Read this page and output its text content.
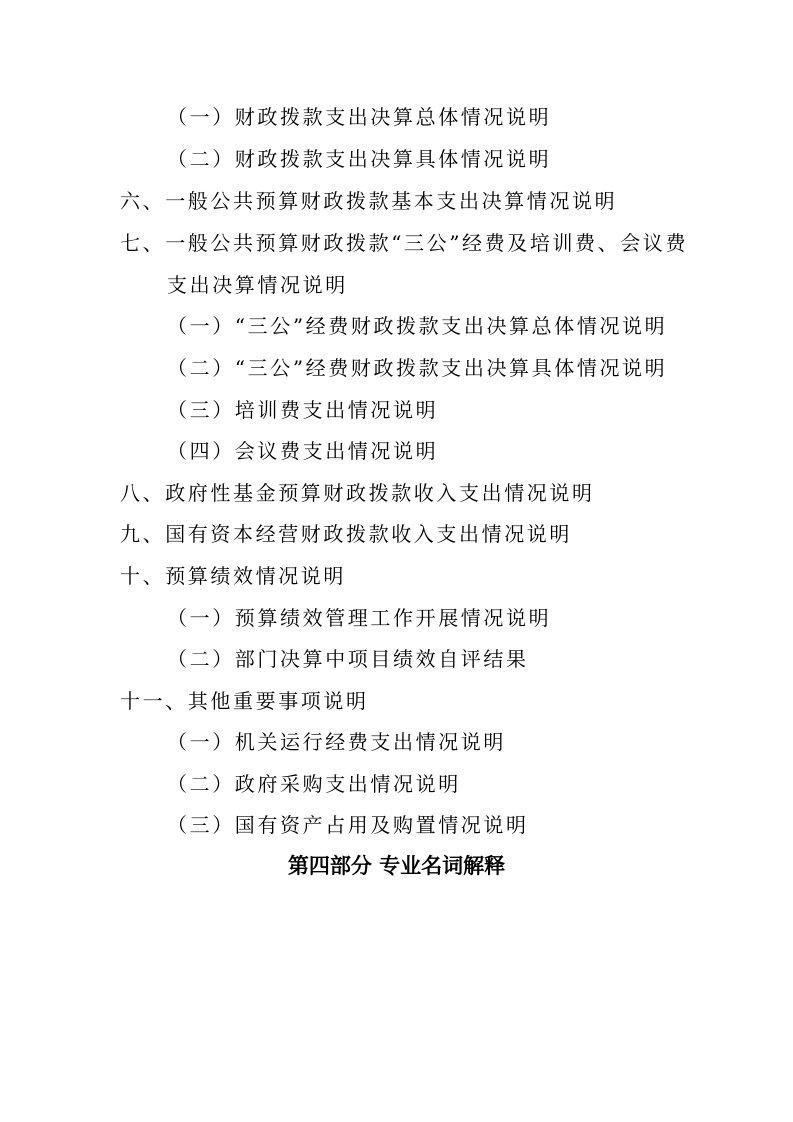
（一）财政拨款支出决算总体情况说明
（二）财政拨款支出决算具体情况说明
六、一般公共预算财政拨款基本支出决算情况说明
七、一般公共预算财政拨款“三公”经费及培训费、会议费
支出决算情况说明
（一）“三公”经费财政拨款支出决算总体情况说明
（二）“三公”经费财政拨款支出决算具体情况说明
（三）培训费支出情况说明
（四）会议费支出情况说明
八、政府性基金预算财政拨款收入支出情况说明
九、国有资本经营财政拨款收入支出情况说明
十、预算绩效情况说明
（一）预算绩效管理工作开展情况说明
（二）部门决算中项目绩效自评结果
十一、其他重要事项说明
（一）机关运行经费支出情况说明
（二）政府采购支出情况说明
（三）国有资产占用及购置情况说明
第四部分 专业名词解释
